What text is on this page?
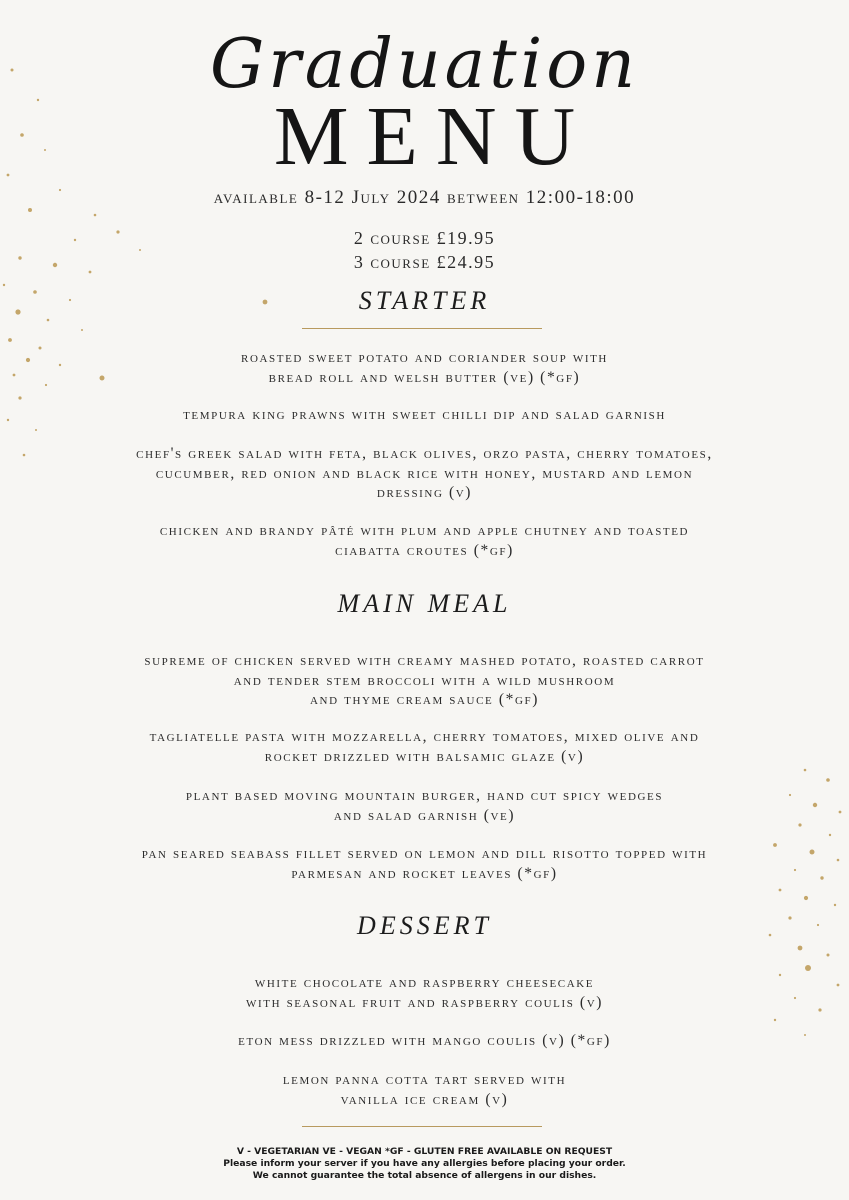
Graduation
MENU
available 8-12 July 2024 between 12:00-18:00
2 course £19.95
3 course £24.95
STARTER
roasted sweet potato and coriander soup with
bread roll and welsh butter (ve) (*gf)
tempura king prawns with sweet chilli dip and salad garnish
chef's greek salad with feta, black olives, orzo pasta, cherry tomatoes,
cucumber, red onion and black rice with honey, mustard and lemon
dressing (v)
chicken and brandy pâté with plum and apple chutney and toasted
ciabatta croutes (*gf)
MAIN MEAL
supreme of chicken served with creamy mashed potato, roasted carrot
and tender stem broccoli with a wild mushroom
and thyme cream sauce (*gf)
tagliatelle pasta with mozzarella, cherry tomatoes, mixed olive and
rocket drizzled with balsamic glaze (v)
plant based moving mountain burger, hand cut spicy wedges
and salad garnish (ve)
pan seared seabass fillet served on lemon and dill risotto topped with
parmesan and rocket leaves (*gf)
DESSERT
white chocolate and raspberry cheesecake
with seasonal fruit and raspberry coulis (v)
eton mess drizzled with mango coulis (v) (*gf)
lemon panna cotta tart served with
vanilla ice cream (v)
V - VEGETARIAN VE - VEGAN *GF - GLUTEN FREE AVAILABLE ON REQUEST
Please inform your server if you have any allergies before placing your order.
We cannot guarantee the total absence of allergens in our dishes.
